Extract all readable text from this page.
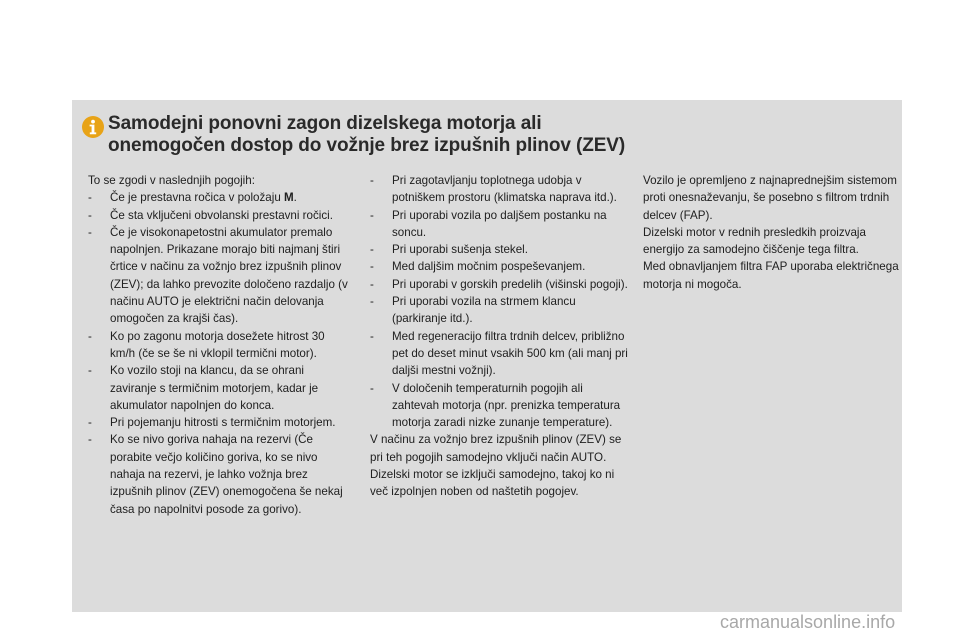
Samodejni ponovni zagon dizelskega motorja ali
onemogočen dostop do vožnje brez izpušnih plinov (ZEV)

To se zgodi v naslednjih pogojih:

- Če je prestavna ročica v položaju M.
- Če sta vključeni obvolanski prestavni ročici.
- Če je visokonapetostni akumulator premalo napolnjen. Prikazane morajo biti najmanj štiri črtice v načinu za vožnjo brez izpušnih plinov (ZEV); da lahko prevozite določeno razdaljo (v načinu AUTO je električni način delovanja omogočen za krajši čas).
- Ko po zagonu motorja dosežete hitrost 30 km/h (če se še ni vklopil termični motor).
- Ko vozilo stoji na klancu, da se ohrani zaviranje s termičnim motorjem, kadar je akumulator napolnjen do konca.
- Pri pojemanju hitrosti s termičnim motorjem.
- Ko se nivo goriva nahaja na rezervi (Če porabite večjo količino goriva, ko se nivo nahaja na rezervi, je lahko vožnja brez izpušnih plinov (ZEV) onemogočena še nekaj časa po napolnitvi posode za gorivo).
- Pri zagotavljanju toplotnega udobja v potniškem prostoru (klimatska naprava itd.).
- Pri uporabi vozila po daljšem postanku na soncu.
- Pri uporabi sušenja stekel.
- Med daljšim močnim pospeševanjem.
- Pri uporabi v gorskih predelih (višinski pogoji).
- Pri uporabi vozila na strmem klancu (parkiranje itd.).
- Med regeneracijo filtra trdnih delcev, približno pet do deset minut vsakih 500 km (ali manj pri daljši mestni vožnji).
- V določenih temperaturnih pogojih ali zahtevah motorja (npr. prenizka temperatura motorja zaradi nizke zunanje temperature).

V načinu za vožnjo brez izpušnih plinov (ZEV) se pri teh pogojih samodejno vključi način AUTO.

Dizelski motor se izključi samodejno, takoj ko ni več izpolnjen noben od naštetih pogojev.

Vozilo je opremljeno z najnaprednejšim sistemom proti onesnaževanju, še posebno s filtrom trdnih delcev (FAP).

Dizelski motor v rednih presledkih proizvaja energijo za samodejno čiščenje tega filtra.

Med obnavljanjem filtra FAP uporaba električnega motorja ni mogoča.

carmanualsonline.info
